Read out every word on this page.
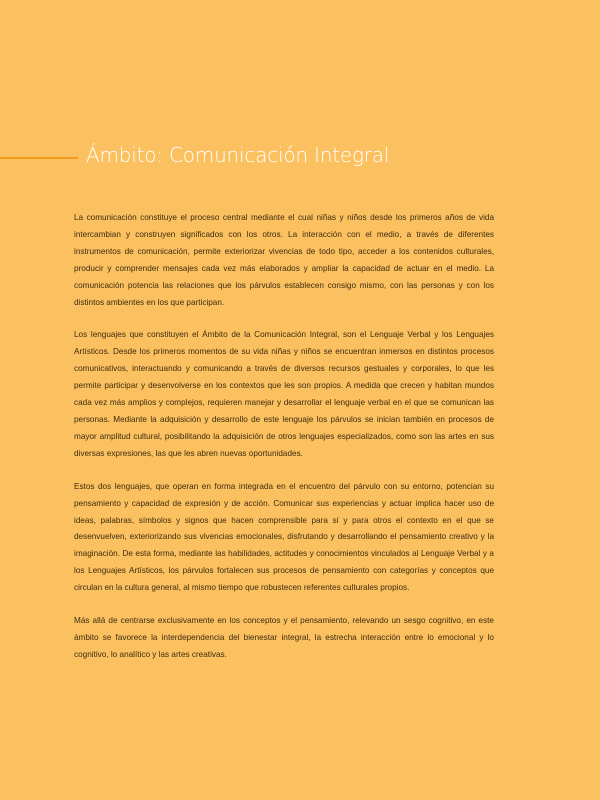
Ámbito: Comunicación Integral

La comunicación constituye el proceso central mediante el cual niñas y niños desde los primeros años de vida intercambian y construyen significados con los otros. La interacción con el medio, a través de diferentes instrumentos de comunicación, permite exteriorizar vivencias de todo tipo, acceder a los contenidos culturales, producir y comprender mensajes cada vez más elaborados y ampliar la capacidad de actuar en el medio. La comunicación potencia las relaciones que los párvulos establecen consigo mismo, con las personas y con los distintos ambientes en los que participan.

Los lenguajes que constituyen el Ámbito de la Comunicación Integral, son el Lenguaje Verbal y los Lenguajes Artísticos. Desde los primeros momentos de su vida niñas y niños se encuentran inmersos en distintos procesos comunicativos, interactuando y comunicando a través de diversos recursos gestuales y corporales, lo que les permite participar y desenvolverse en los contextos que les son propios. A medida que crecen y habitan mundos cada vez más amplios y complejos, requieren manejar y desarrollar el lenguaje verbal en el que se comunican las personas. Mediante la adquisición y desarrollo de este lenguaje los párvulos se inician también en procesos de mayor amplitud cultural, posibilitando la adquisición de otros lenguajes especializados, como son las artes en sus diversas expresiones, las que les abren nuevas oportunidades.

Estos dos lenguajes, que operan en forma integrada en el encuentro del párvulo con su entorno, potencian su pensamiento y capacidad de expresión y de acción. Comunicar sus experiencias y actuar implica hacer uso de ideas, palabras, símbolos y signos que hacen comprensible para sí y para otros el contexto en el que se desenvuelven, exteriorizando sus vivencias emocionales, disfrutando y desarrollando el pensamiento creativo y la imaginación. De esta forma, mediante las habilidades, actitudes y conocimientos vinculados al Lenguaje Verbal y a los Lenguajes Artísticos, los párvulos fortalecen sus procesos de pensamiento con categorías y conceptos que circulan en la cultura general, al mismo tiempo que robustecen referentes culturales propios.

Más allá de centrarse exclusivamente en los conceptos y el pensamiento, relevando un sesgo cognitivo, en este ámbito se favorece la interdependencia del bienestar integral, la estrecha interacción entre lo emocional y lo cognitivo, lo analítico y las artes creativas.
